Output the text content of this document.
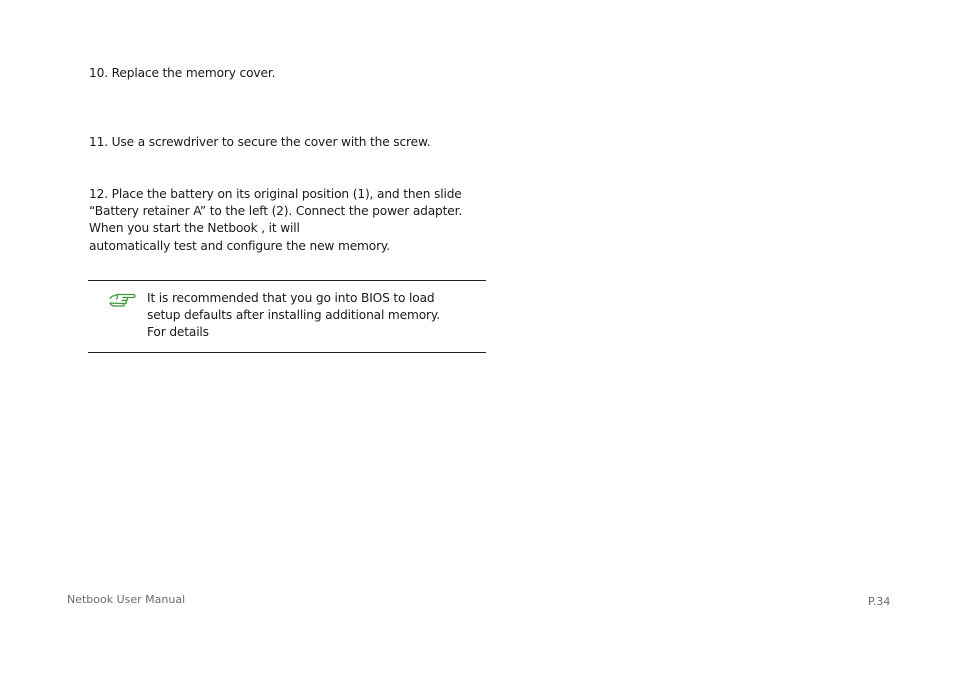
10. Replace the memory cover.
11. Use a screwdriver to secure the cover with the screw.
12. Place the battery on its original position (1), and then slide
“Battery retainer A” to the left (2). Connect the power adapter.
When you start the Netbook , it will
automatically test and configure the new memory.
It is recommended that you go into BIOS to load
setup defaults after installing additional memory.
For details
Netbook User Manual	P.34
